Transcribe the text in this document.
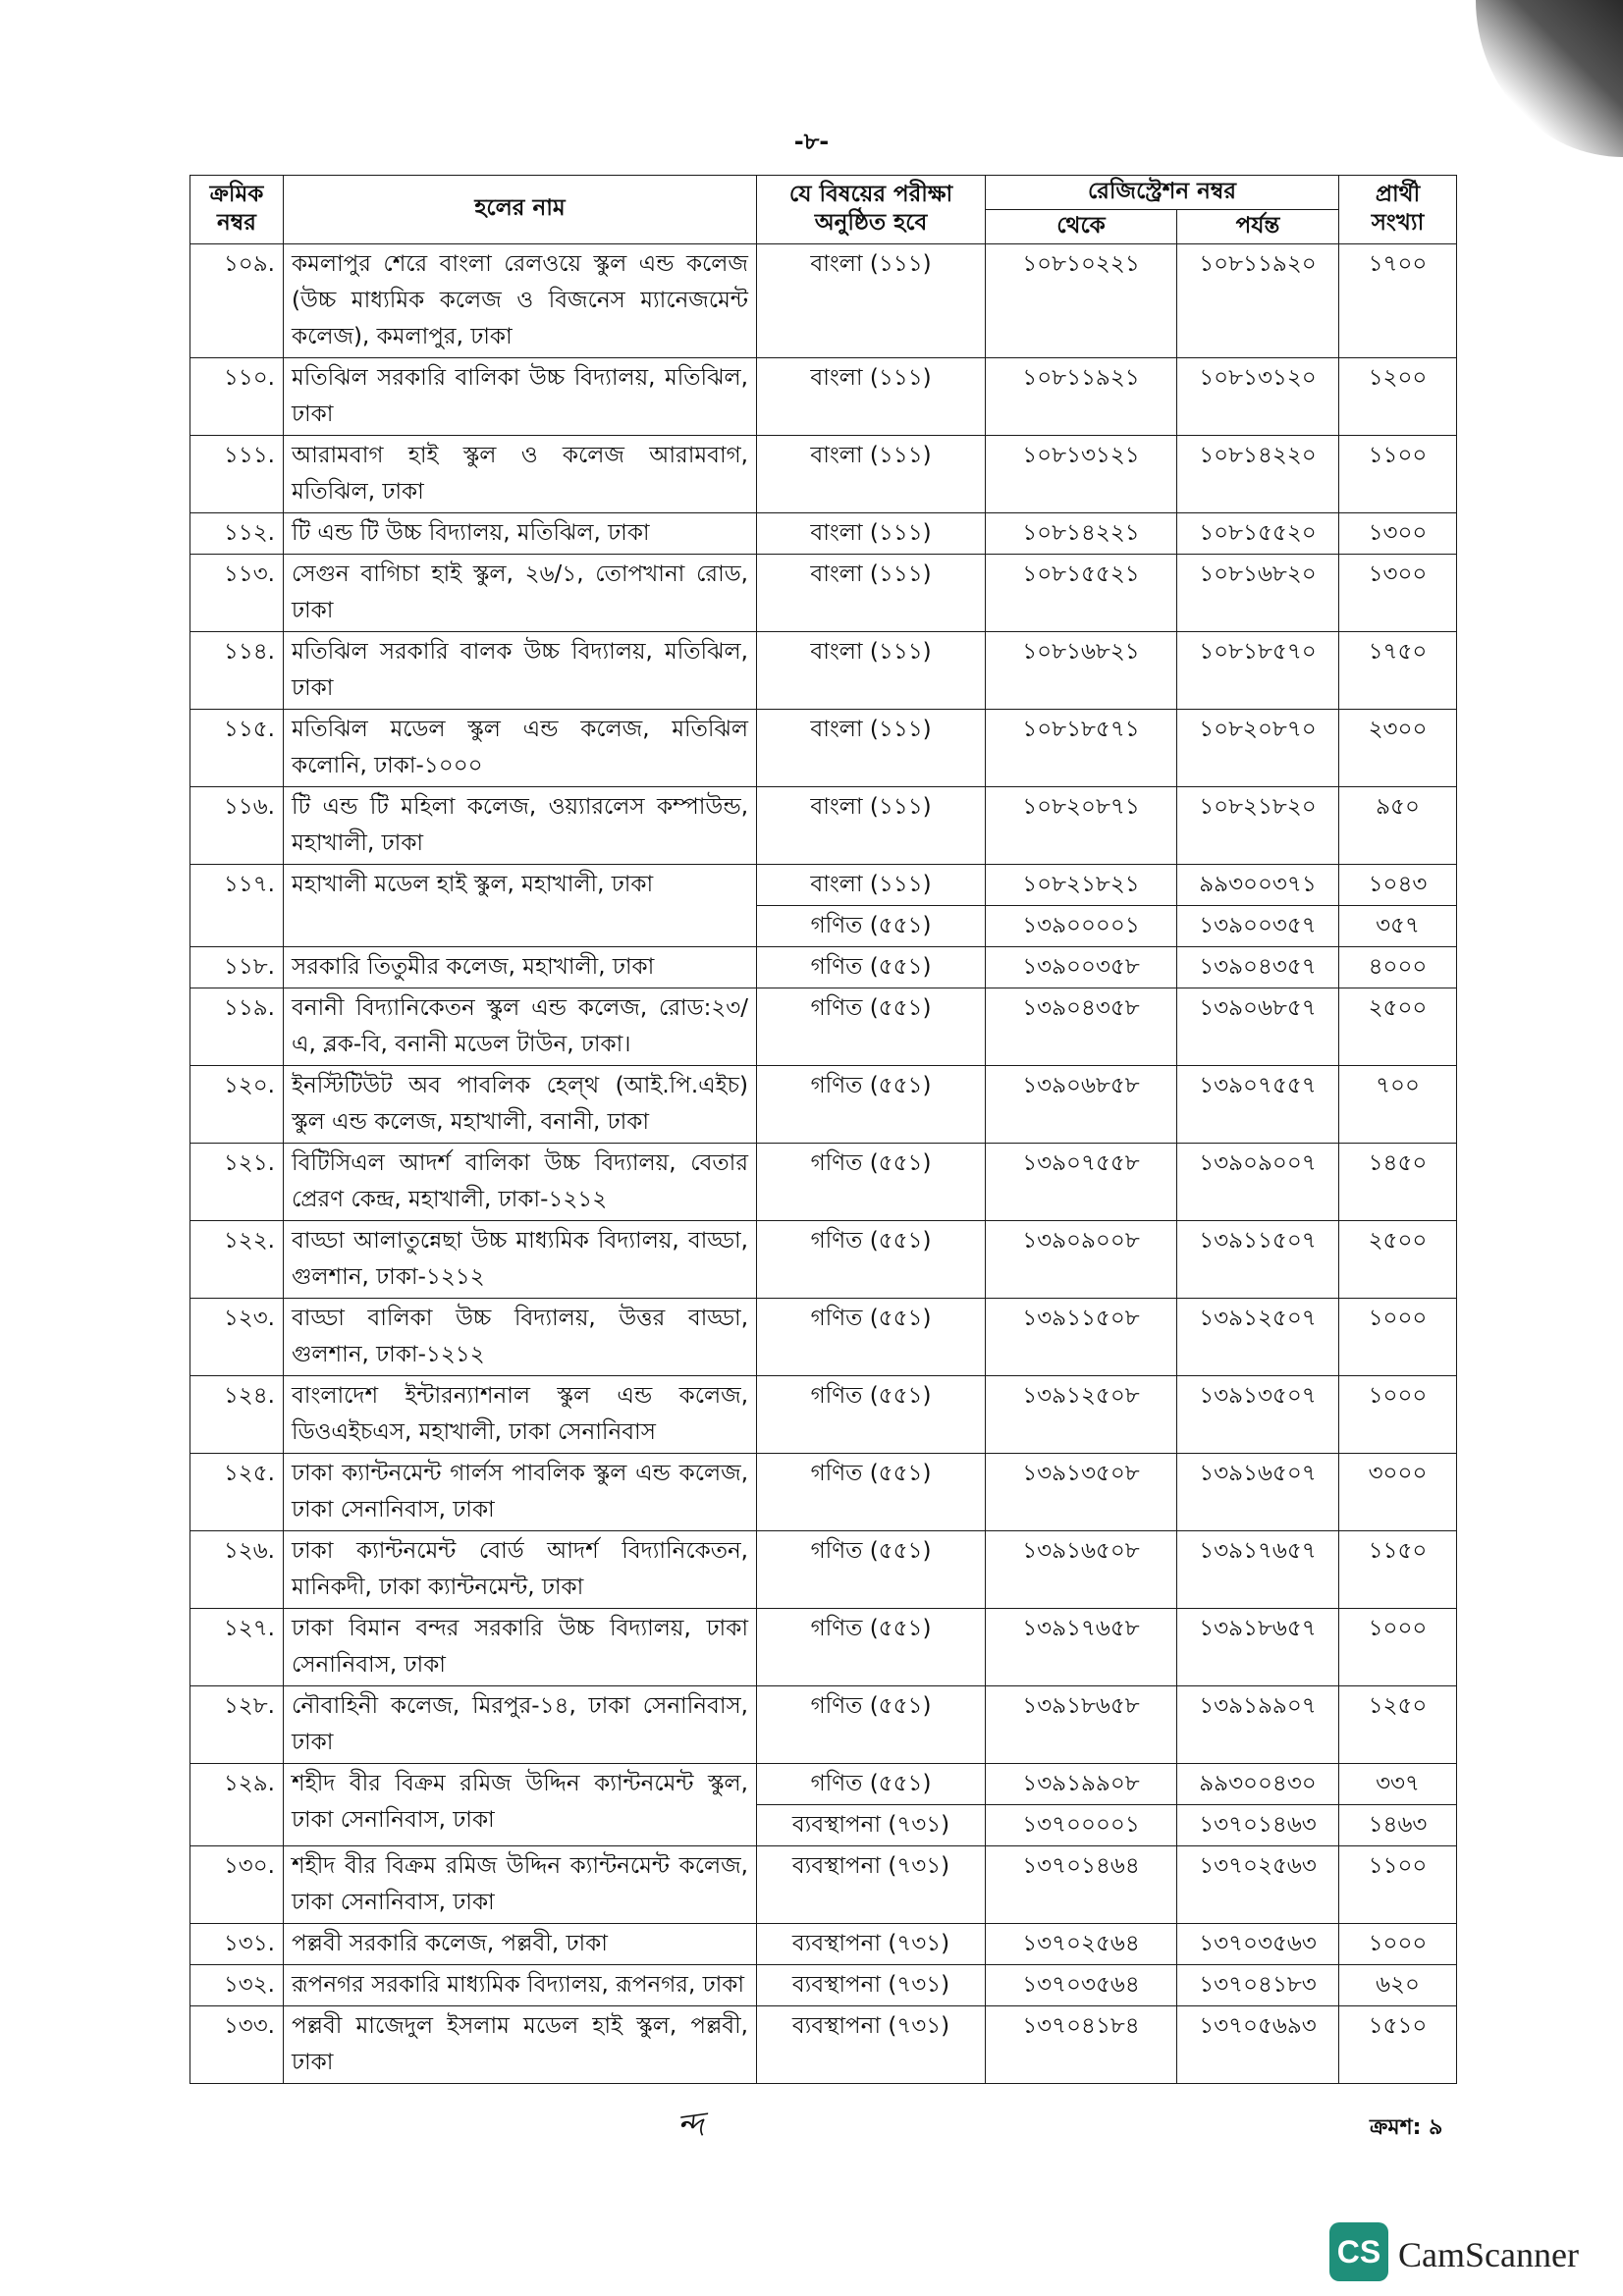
-৮-
ক্রমিক নম্বর	হলের নাম	যে বিষয়ের পরীক্ষা অনুষ্ঠিত হবে	রেজিস্ট্রেশন নম্বর		প্রার্থী সংখ্যা
			থেকে	পর্যন্ত	
১০৯.	কমলাপুর শেরে বাংলা রেলওয়ে স্কুল এন্ড কলেজ (উচ্চ মাধ্যমিক কলেজ ও বিজনেস ম্যানেজমেন্ট কলেজ), কমলাপুর, ঢাকা	বাংলা (১১১)	১০৮১০২২১	১০৮১১৯২০	১৭০০
১১০.	মতিঝিল সরকারি বালিকা উচ্চ বিদ্যালয়, মতিঝিল, ঢাকা	বাংলা (১১১)	১০৮১১৯২১	১০৮১৩১২০	১২০০
১১১.	আরামবাগ হাই স্কুল ও কলেজ আরামবাগ, মতিঝিল, ঢাকা	বাংলা (১১১)	১০৮১৩১২১	১০৮১৪২২০	১১০০
১১২.	টি এন্ড টি উচ্চ বিদ্যালয়, মতিঝিল, ঢাকা	বাংলা (১১১)	১০৮১৪২২১	১০৮১৫৫২০	১৩০০
১১৩.	সেগুন বাগিচা হাই স্কুল, ২৬/১, তোপখানা রোড, ঢাকা	বাংলা (১১১)	১০৮১৫৫২১	১০৮১৬৮২০	১৩০০
১১৪.	মতিঝিল সরকারি বালক উচ্চ বিদ্যালয়, মতিঝিল, ঢাকা	বাংলা (১১১)	১০৮১৬৮২১	১০৮১৮৫৭০	১৭৫০
১১৫.	মতিঝিল মডেল স্কুল এন্ড কলেজ, মতিঝিল কলোনি, ঢাকা-১০০০	বাংলা (১১১)	১০৮১৮৫৭১	১০৮২০৮৭০	২৩০০
১১৬.	টি এন্ড টি মহিলা কলেজ, ওয়্যারলেস কম্পাউন্ড, মহাখালী, ঢাকা	বাংলা (১১১)	১০৮২০৮৭১	১০৮২১৮২০	৯৫০
১১৭.	মহাখালী মডেল হাই স্কুল, মহাখালী, ঢাকা	বাংলা (১১১)	১০৮২১৮২১	৯৯৩০০৩৭১	১০৪৩
		গণিত (৫৫১)	১৩৯০০০০১	১৩৯০০৩৫৭	৩৫৭
১১৮.	সরকারি তিতুমীর কলেজ, মহাখালী, ঢাকা	গণিত (৫৫১)	১৩৯০০৩৫৮	১৩৯০৪৩৫৭	৪০০০
১১৯.	বনানী বিদ্যানিকেতন স্কুল এন্ড কলেজ, রোড:২৩/এ, ব্লক-বি, বনানী মডেল টাউন, ঢাকা।	গণিত (৫৫১)	১৩৯০৪৩৫৮	১৩৯০৬৮৫৭	২৫০০
১২০.	ইনস্টিটিউট অব পাবলিক হেল্থ (আই.পি.এইচ) স্কুল এন্ড কলেজ, মহাখালী, বনানী, ঢাকা	গণিত (৫৫১)	১৩৯০৬৮৫৮	১৩৯০৭৫৫৭	৭০০
১২১.	বিটিসিএল আদর্শ বালিকা উচ্চ বিদ্যালয়, বেতার প্রেরণ কেন্দ্র, মহাখালী, ঢাকা-১২১২	গণিত (৫৫১)	১৩৯০৭৫৫৮	১৩৯০৯০০৭	১৪৫০
১২২.	বাড্ডা আলাতুন্নেছা উচ্চ মাধ্যমিক বিদ্যালয়, বাড্ডা, গুলশান, ঢাকা-১২১২	গণিত (৫৫১)	১৩৯০৯০০৮	১৩৯১১৫০৭	২৫০০
১২৩.	বাড্ডা বালিকা উচ্চ বিদ্যালয়, উত্তর বাড্ডা, গুলশান, ঢাকা-১২১২	গণিত (৫৫১)	১৩৯১১৫০৮	১৩৯১২৫০৭	১০০০
১২৪.	বাংলাদেশ ইন্টারন্যাশনাল স্কুল এন্ড কলেজ, ডিওএইচএস, মহাখালী, ঢাকা সেনানিবাস	গণিত (৫৫১)	১৩৯১২৫০৮	১৩৯১৩৫০৭	১০০০
১২৫.	ঢাকা ক্যান্টনমেন্ট গার্লস পাবলিক স্কুল এন্ড কলেজ, ঢাকা সেনানিবাস, ঢাকা	গণিত (৫৫১)	১৩৯১৩৫০৮	১৩৯১৬৫০৭	৩০০০
১২৬.	ঢাকা ক্যান্টনমেন্ট বোর্ড আদর্শ বিদ্যানিকেতন, মানিকদী, ঢাকা ক্যান্টনমেন্ট, ঢাকা	গণিত (৫৫১)	১৩৯১৬৫০৮	১৩৯১৭৬৫৭	১১৫০
১২৭.	ঢাকা বিমান বন্দর সরকারি উচ্চ বিদ্যালয়, ঢাকা সেনানিবাস, ঢাকা	গণিত (৫৫১)	১৩৯১৭৬৫৮	১৩৯১৮৬৫৭	১০০০
১২৮.	নৌবাহিনী কলেজ, মিরপুর-১৪, ঢাকা সেনানিবাস, ঢাকা	গণিত (৫৫১)	১৩৯১৮৬৫৮	১৩৯১৯৯০৭	১২৫০
১২৯.	শহীদ বীর বিক্রম রমিজ উদ্দিন ক্যান্টনমেন্ট স্কুল, ঢাকা সেনানিবাস, ঢাকা	গণিত (৫৫১)	১৩৯১৯৯০৮	৯৯৩০০৪৩০	৩৩৭
		ব্যবস্থাপনা (৭৩১)	১৩৭০০০০১	১৩৭০১৪৬৩	১৪৬৩
১৩০.	শহীদ বীর বিক্রম রমিজ উদ্দিন ক্যান্টনমেন্ট কলেজ, ঢাকা সেনানিবাস, ঢাকা	ব্যবস্থাপনা (৭৩১)	১৩৭০১৪৬৪	১৩৭০২৫৬৩	১১০০
১৩১.	পল্লবী সরকারি কলেজ, পল্লবী, ঢাকা	ব্যবস্থাপনা (৭৩১)	১৩৭০২৫৬৪	১৩৭০৩৫৬৩	১০০০
১৩২.	রূপনগর সরকারি মাধ্যমিক বিদ্যালয়, রূপনগর, ঢাকা	ব্যবস্থাপনা (৭৩১)	১৩৭০৩৫৬৪	১৩৭০৪১৮৩	৬২০
১৩৩.	পল্লবী মাজেদুল ইসলাম মডেল হাই স্কুল, পল্লবী, ঢাকা	ব্যবস্থাপনা (৭৩১)	১৩৭০৪১৮৪	১৩৭০৫৬৯৩	১৫১০
ন্দ	ক্রমশ: ৯
CS CamScanner
